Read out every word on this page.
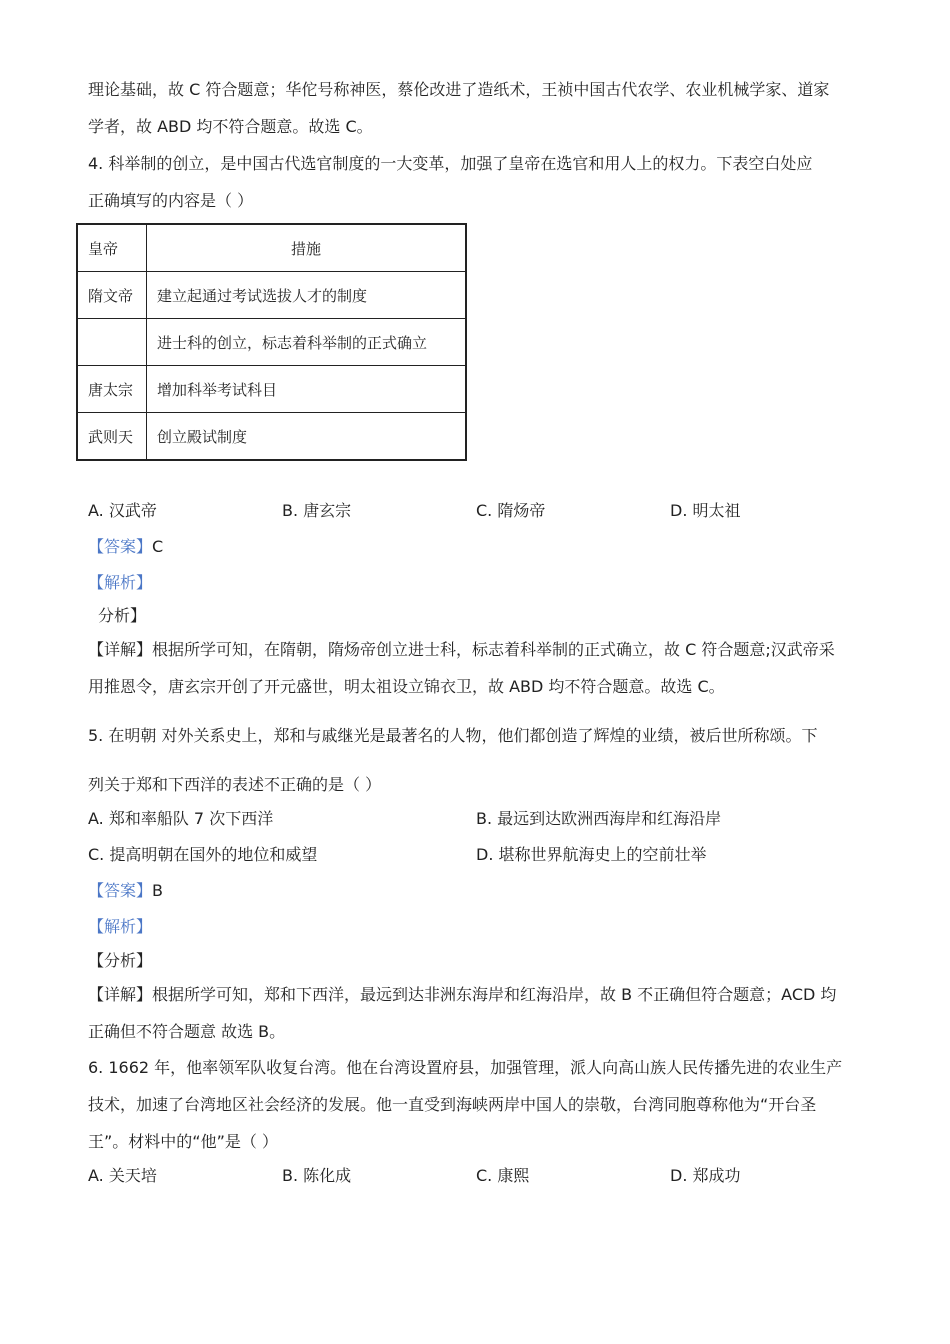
理论基础，故 C 符合题意；华佗号称神医，蔡伦改进了造纸术，王祯中国古代农学、农业机械学家、道家
学者，故 ABD 均不符合题意。故选 C。
4. 科举制的创立，是中国古代选官制度的一大变革，加强了皇帝在选官和用人上的权力。下表空白处应
正确填写的内容是（ ）
皇帝	措施
隋文帝	建立起通过考试选拔人才的制度
	进士科的创立，标志着科举制的正式确立
唐太宗	增加科举考试科目
武则天	创立殿试制度
A. 汉武帝	B. 唐玄宗	C. 隋炀帝	D. 明太祖
【答案】C
【解析】
分析】
【详解】根据所学可知，在隋朝，隋炀帝创立进士科，标志着科举制的正式确立，故 C 符合题意;汉武帝采
用推恩令，唐玄宗开创了开元盛世，明太祖设立锦衣卫，故 ABD 均不符合题意。故选 C。
5. 在明朝 对外关系史上，郑和与戚继光是最著名的人物，他们都创造了辉煌的业绩，被后世所称颂。下
列关于郑和下西洋的表述不正确的是（ ）
A. 郑和率船队 7 次下西洋	B. 最远到达欧洲西海岸和红海沿岸
C. 提高明朝在国外的地位和威望	D. 堪称世界航海史上的空前壮举
【答案】B
【解析】
【分析】
【详解】根据所学可知，郑和下西洋，最远到达非洲东海岸和红海沿岸，故 B 不正确但符合题意；ACD 均
正确但不符合题意 故选 B。
6. 1662 年，他率领军队收复台湾。他在台湾设置府县，加强管理，派人向高山族人民传播先进的农业生产
技术，加速了台湾地区社会经济的发展。他一直受到海峡两岸中国人的崇敬，台湾同胞尊称他为“开台圣
王”。材料中的“他”是（ ）
A. 关天培	B. 陈化成	C. 康熙	D. 郑成功
